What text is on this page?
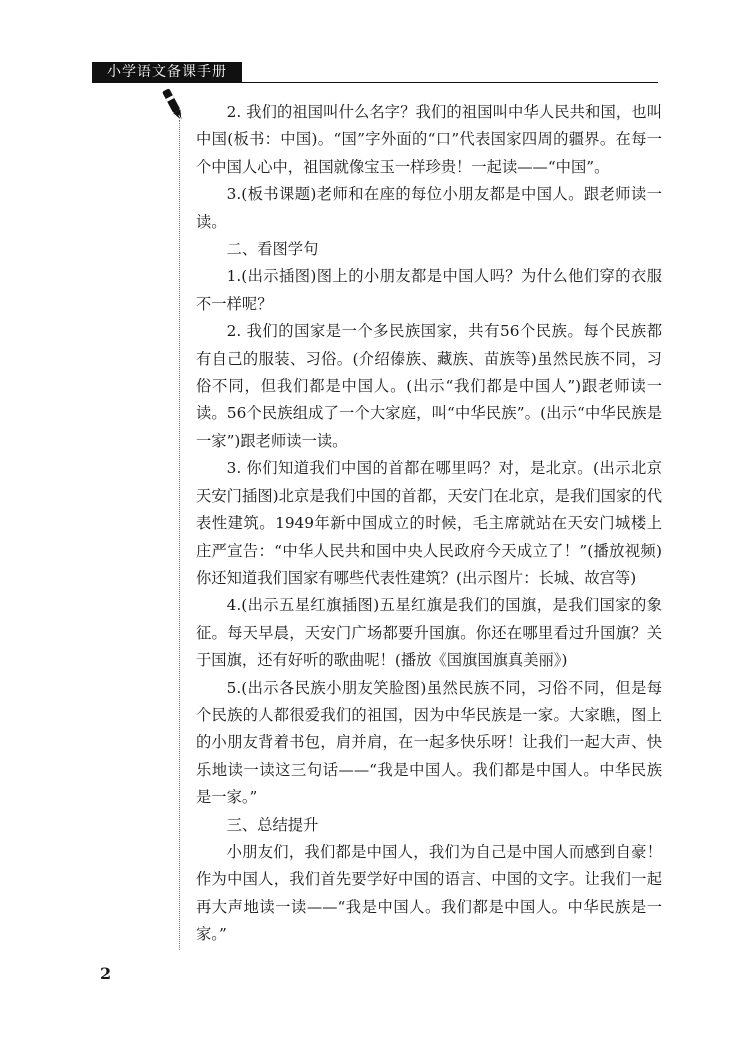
小学语文备课手册

2. 我们的祖国叫什么名字？我们的祖国叫中华人民共和国，也叫中国(板书：中国)。“国”字外面的“口”代表国家四周的疆界。在每一个中国人心中，祖国就像宝玉一样珍贵！一起读——“中国”。

3.(板书课题)老师和在座的每位小朋友都是中国人。跟老师读一读。

二、看图学句

1.(出示插图)图上的小朋友都是中国人吗？为什么他们穿的衣服不一样呢？

2. 我们的国家是一个多民族国家，共有56个民族。每个民族都有自己的服装、习俗。(介绍傣族、藏族、苗族等)虽然民族不同，习俗不同，但我们都是中国人。(出示“我们都是中国人”)跟老师读一读。56个民族组成了一个大家庭，叫“中华民族”。(出示“中华民族是一家”)跟老师读一读。

3. 你们知道我们中国的首都在哪里吗？对，是北京。(出示北京天安门插图)北京是我们中国的首都，天安门在北京，是我们国家的代表性建筑。1949年新中国成立的时候，毛主席就站在天安门城楼上庄严宣告：“中华人民共和国中央人民政府今天成立了！”(播放视频)你还知道我们国家有哪些代表性建筑？(出示图片：长城、故宫等)

4.(出示五星红旗插图)五星红旗是我们的国旗，是我们国家的象征。每天早晨，天安门广场都要升国旗。你还在哪里看过升国旗？关于国旗，还有好听的歌曲呢！(播放《国旗国旗真美丽》)

5.(出示各民族小朋友笑脸图)虽然民族不同，习俗不同，但是每个民族的人都很爱我们的祖国，因为中华民族是一家。大家瞧，图上的小朋友背着书包，肩并肩，在一起多快乐呀！让我们一起大声、快乐地读一读这三句话——“我是中国人。我们都是中国人。中华民族是一家。”

三、总结提升

小朋友们，我们都是中国人，我们为自己是中国人而感到自豪！作为中国人，我们首先要学好中国的语言、中国的文字。让我们一起再大声地读一读——“我是中国人。我们都是中国人。中华民族是一家。”

2
